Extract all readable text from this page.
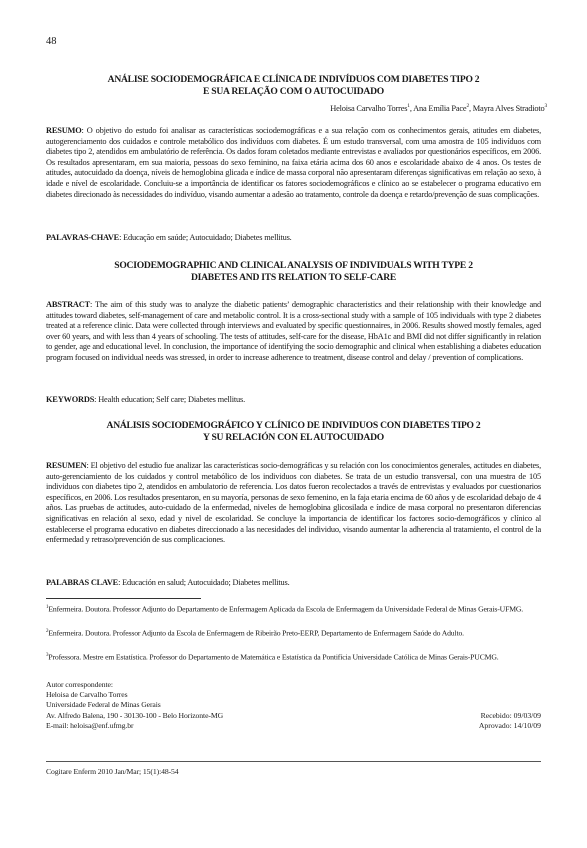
48
ANÁLISE SOCIODEMOGRÁFICA E CLÍNICA DE INDIVÍDUOS COM DIABETES TIPO 2
E SUA RELAÇÃO COM O AUTOCUIDADO
Heloisa Carvalho Torres$^1$, Ana Emília Pace$^2$, Mayra Alves Stradioto$^3$
RESUMO: O objetivo do estudo foi analisar as características sociodemográficas e a sua relação com os conhecimentos gerais, atitudes em diabetes, autogerenciamento dos cuidados e controle metabólico dos indivíduos com diabetes. É um estudo transversal, com uma amostra de 105 indivíduos com diabetes tipo 2, atendidos em ambulatório de referência. Os dados foram coletados mediante entrevistas e avaliados por questionários específicos, em 2006. Os resultados apresentaram, em sua maioria, pessoas do sexo feminino, na faixa etária acima dos 60 anos e escolaridade abaixo de 4 anos. Os testes de atitudes, autocuidado da doença, níveis de hemoglobina glicada e índice de massa corporal não apresentaram diferenças significativas em relação ao sexo, à idade e nível de escolaridade. Concluiu-se a importância de identificar os fatores sociodemográficos e clínico ao se estabelecer o programa educativo em diabetes direcionado às necessidades do indivíduo, visando aumentar a adesão ao tratamento, controle da doença e retardo/prevenção de suas complicações.
PALAVRAS-CHAVE: Educação em saúde; Autocuidado; Diabetes mellitus.
SOCIODEMOGRAPHIC AND CLINICAL ANALYSIS OF INDIVIDUALS WITH TYPE 2
DIABETES AND ITS RELATION TO SELF-CARE
ABSTRACT: The aim of this study was to analyze the diabetic patients’ demographic characteristics and their relationship with their knowledge and attitudes toward diabetes, self-management of care and metabolic control. It is a cross-sectional study with a sample of 105 individuals with type 2 diabetes treated at a reference clinic. Data were collected through interviews and evaluated by specific questionnaires, in 2006. Results showed mostly females, aged over 60 years, and with less than 4 years of schooling. The tests of attitudes, self-care for the disease, HbA1c and BMI did not differ significantly in relation to gender, age and educational level. In conclusion, the importance of identifying the socio demographic and clinical when establishing a diabetes education program focused on individual needs was stressed, in order to increase adherence to treatment, disease control and delay / prevention of complications.
KEYWORDS: Health education; Self care; Diabetes mellitus.
ANÁLISIS SOCIODEMOGRÁFICO Y CLÍNICO DE INDIVIDUOS CON DIABETES TIPO 2
Y SU RELACIÓN CON EL AUTOCUIDADO
RESUMEN: El objetivo del estudio fue analizar las características socio-demográficas y su relación con los conocimientos generales, actitudes en diabetes, auto-gerenciamiento de los cuidados y control metabólico de los individuos con diabetes. Se trata de un estudio transversal, con una muestra de 105 individuos con diabetes tipo 2, atendidos en ambulatorio de referencia. Los datos fueron recolectados a través de entrevistas y evaluados por cuestionarios específicos, en 2006. Los resultados presentaron, en su mayoría, personas de sexo femenino, en la faja etaria encima de 60 años y de escolaridad debajo de 4 años. Las pruebas de actitudes, auto-cuidado de la enfermedad, niveles de hemoglobina glicosilada e índice de masa corporal no presentaron diferencias significativas en relación al sexo, edad y nivel de escolaridad. Se concluye la importancia de identificar los factores socio-demográficos y clínico al establecerse el programa educativo en diabetes direccionado a las necesidades del individuo, visando aumentar la adherencia al tratamiento, el control de la enfermedad y retraso/prevención de sus complicaciones.
PALABRAS CLAVE: Educación en salud; Autocuidado; Diabetes mellitus.
$^1$Enfermeira. Doutora. Professor Adjunto do Departamento de Enfermagem Aplicada da Escola de Enfermagem da Universidade Federal de Minas Gerais-UFMG.
$^2$Enfermeira. Doutora. Professor Adjunto da Escola de Enfermagem de Ribeirão Preto-EERP, Departamento de Enfermagem Saúde do Adulto.
$^3$Professora. Mestre em Estatística. Professor do Departamento de Matemática e Estatística da Pontifícia Universidade Católica de Minas Gerais-PUCMG.
Autor correspondente:
Heloisa de Carvalho Torres
Universidade Federal de Minas Gerais
Av. Alfredo Balena, 190 - 30130-100 - Belo Horizonte-MG
E-mail: heloisa@enf.ufmg.br
Recebido: 09/03/09
Aprovado: 14/10/09
Cogitare Enferm 2010 Jan/Mar; 15(1):48-54
